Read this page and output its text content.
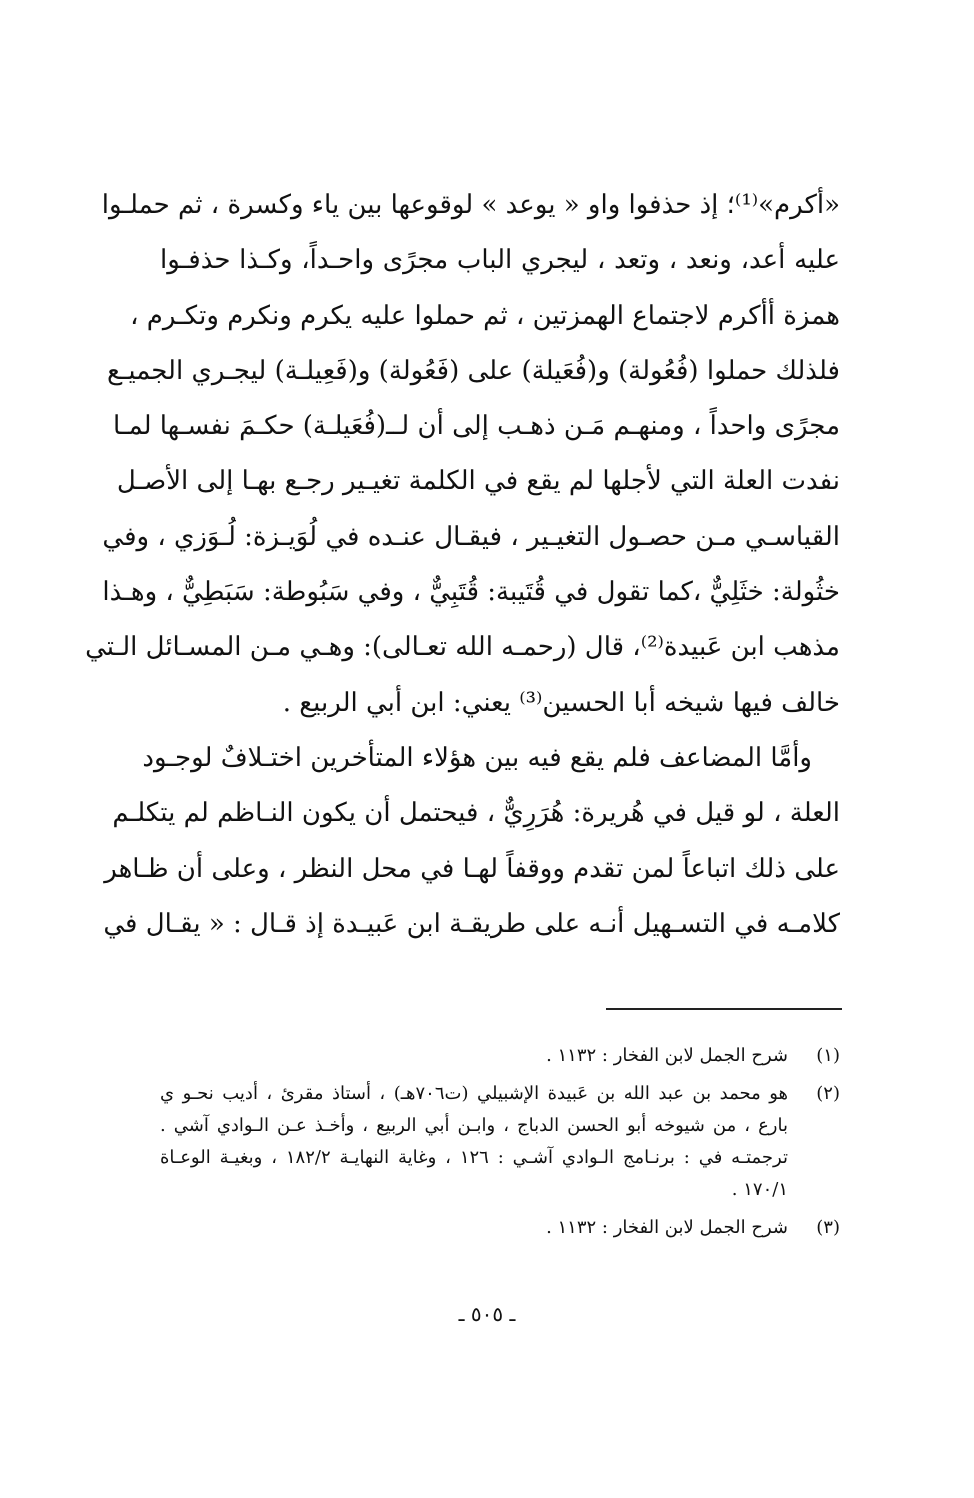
«أكرم»⁽¹⁾؛ إذ حذفوا واو « يوعد » لوقوعها بين ياء وكسرة ، ثم حملـوا
عليه أعد، ونعد ، وتعد ، ليجري الباب مجرًى واحـداً، وكـذا حذفـوا
همزة أأكرم لاجتماع الهمزتين ، ثم حملوا عليه يكرم ونكرم وتكـرم ،
فلذلك حملوا (فُعُولة) و(فُعَيلة) على (فَعُولة) و(فَعِيلـة) ليجـري الجميـع
مجرًى واحداً ، ومنهـم مَـن ذهـب إلى أن لــ(فُعَيلـة) حكـمَ نفسـها لمـا
نفدت العلة التي لأجلها لم يقع في الكلمة تغيـير رجـع بهـا إلى الأصـل
القياسـي مـن حصـول التغيـير ، فيقـال عنـده في لُوَيـزة: لُـوَزي ، وفي
خثُولة: خثَلِيٌّ ،كما تقول في قُتَيبة: قُتَبِيٌّ ، وفي سَبُوطة: سَبَطِيٌّ ، وهـذا
مذهب ابن عَبيدة⁽²⁾، قال (رحمـه الله تعـالى): وهـي مـن المسـائل الـتي
خالف فيها شيخه أبا الحسين⁽³⁾ يعني: ابن أبي الربيع .
وأمَّا المضاعف فلم يقع فيه بين هؤلاء المتأخرين اختـلافٌ لوجـود
العلة ، لو قيل في هُريرة: هُرَرِيٌّ ، فيحتمل أن يكون النـاظم لم يتكلـم
على ذلك اتباعاً لمن تقدم ووقفاً لهـا في محل النظر ، وعلى أن ظـاهر
كلامـه في التسـهيل أنـه على طريقـة ابن عَبيـدة إذ قـال : « يقـال في
(١)
شرح الجمل لابن الفخار : ١١٣٢ .
(٢)
هو محمد بن عبد الله بن عَبيدة الإشبيلي (ت٧٠٦هـ) ، أستاذ مقرئ ، أديب نحـو ي
بارع ، من شيوخه أبو الحسن الدباج ، وابـن أبي الربيع ، وأخـذ عـن الـوادي آشي .
ترجمتـه في : برنـامج الـوادي آشـي : ١٢٦ ، وغاية النهايـة ١٨٢/٢ ، وبغيـة الوعـاة
١٧٠/١ .
(٣)
شرح الجمل لابن الفخار : ١١٣٢ .
ـ ٥٠٥ ـ
